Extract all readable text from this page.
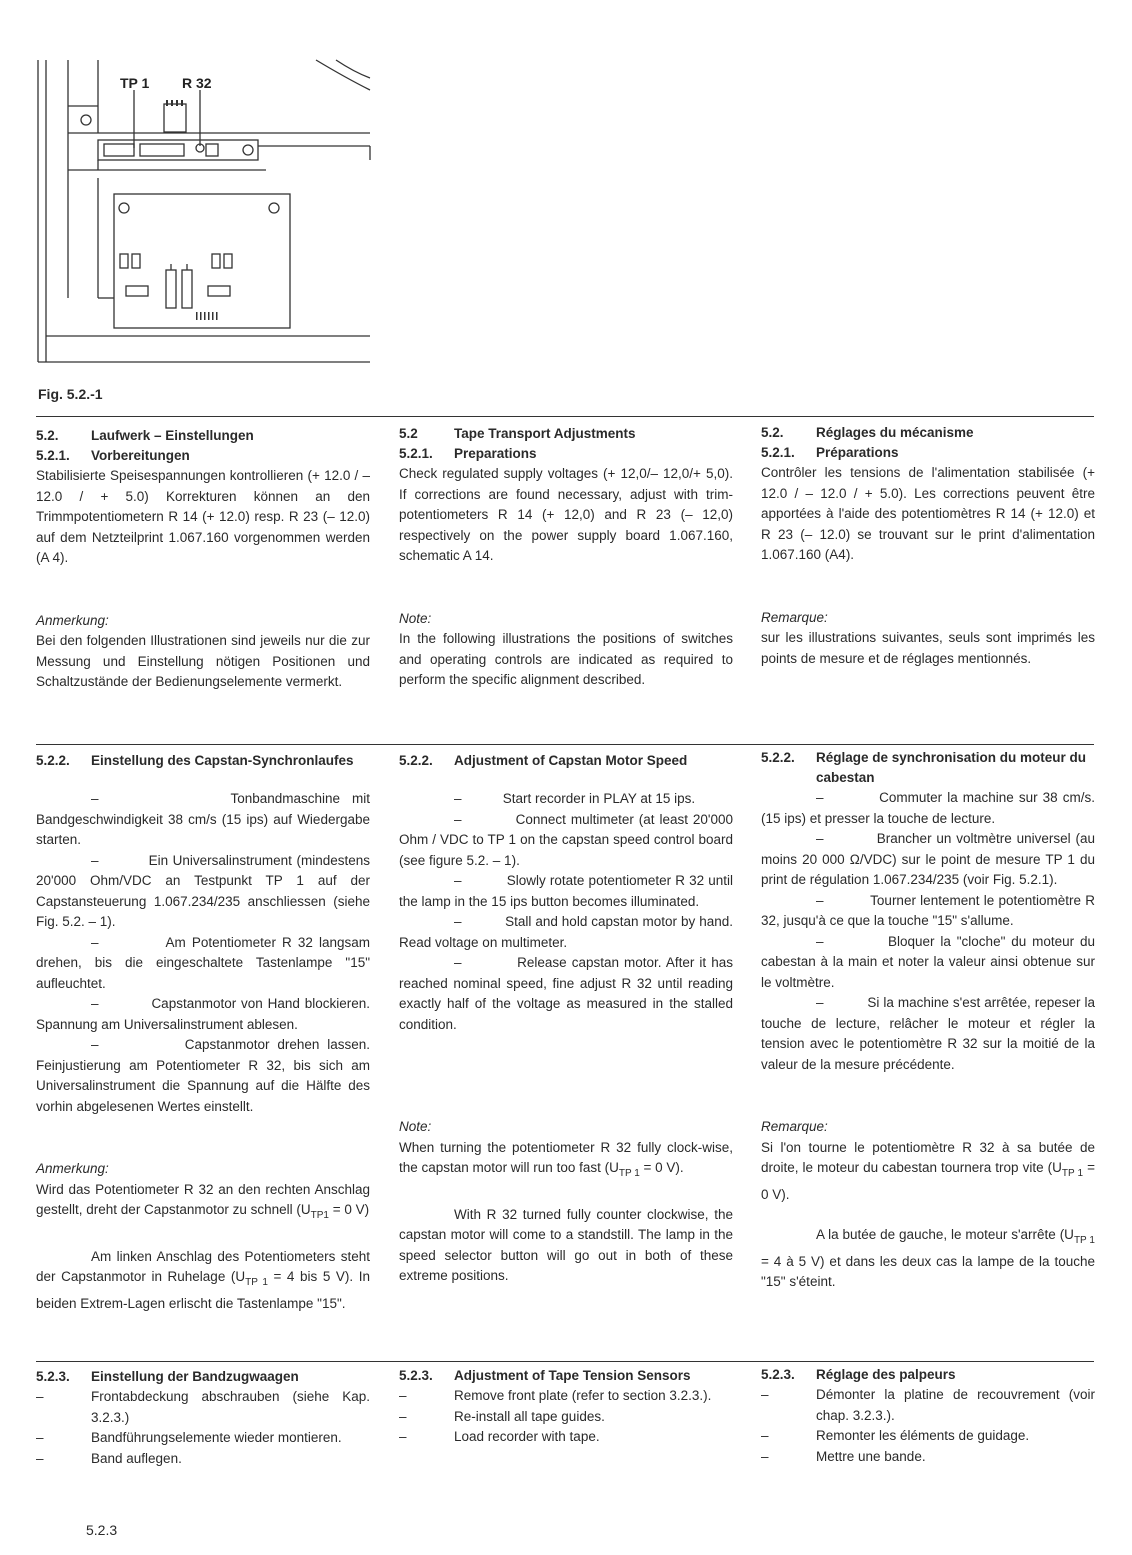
TP 1 R 32
Fig. 5.2.-1
5.2.	Laufwerk – Einstellungen
5.2.1.	Vorbereitungen
Stabilisierte Speisespannungen kontrollieren (+ 12.0 / – 12.0 / + 5.0) Korrekturen können an den Trimmpotentiometern R 14 (+ 12.0) resp. R 23 (– 12.0) auf dem Netzteilprint 1.067.160 vorgenommen werden (A 4).
Anmerkung:
Bei den folgenden Illustrationen sind jeweils nur die zur Messung und Einstellung nötigen Positionen und Schaltzustände der Bedienungselemente vermerkt.
5.2	Tape Transport Adjustments
5.2.1.	Preparations
Check regulated supply voltages (+ 12,0/– 12,0/+ 5,0). If corrections are found necessary, adjust with trim-potentiometers R 14 (+ 12,0) and R 23 (– 12,0) respectively on the power supply board 1.067.160, schematic A 14.
Note:
In the following illustrations the positions of switches and operating controls are indicated as required to perform the specific alignment described.
5.2.	Réglages du mécanisme
5.2.1.	Préparations
Contrôler les tensions de l'alimentation stabilisée (+ 12.0 / – 12.0 / + 5.0). Les corrections peuvent être apportées à l'aide des potentiomètres R 14 (+ 12.0) et R 23 (– 12.0) se trouvant sur le print d'alimentation 1.067.160 (A4).
Remarque:
sur les illustrations suivantes, seuls sont imprimés les points de mesure et de réglages mentionnés.
5.2.2.	Einstellung des Capstan-Synchronlaufes
–	Tonbandmaschine mit Bandgeschwindigkeit 38 cm/s (15 ips) auf Wiedergabe starten.
–	Ein Universalinstrument (mindestens 20'000 Ohm/VDC an Testpunkt TP 1 auf der Capstansteuerung 1.067.234/235 anschliessen (siehe Fig. 5.2. – 1).
–	Am Potentiometer R 32 langsam drehen, bis die eingeschaltete Tastenlampe "15" aufleuchtet.
–	Capstanmotor von Hand blockieren. Spannung am Universalinstrument ablesen.
–	Capstanmotor drehen lassen. Feinjustierung am Potentiometer R 32, bis sich am Universalinstrument die Spannung auf die Hälfte des vorhin abgelesenen Wertes einstellt.
Anmerkung:
Wird das Potentiometer R 32 an den rechten Anschlag gestellt, dreht der Capstanmotor zu schnell ($U_{TP1} = 0$ V)
Am linken Anschlag des Potentiometers steht der Capstanmotor in Ruhelage ($U_{TP 1} = 4$ bis 5 V). In beiden Extrem-Lagen erlischt die Tastenlampe "15".
5.2.2.	Adjustment of Capstan Motor Speed
–	Start recorder in PLAY at 15 ips.
–	Connect multimeter (at least 20'000 Ohm / VDC to TP 1 on the capstan speed control board (see figure 5.2. – 1).
–	Slowly rotate potentiometer R 32 until the lamp in the 15 ips button becomes illuminated.
–	Stall and hold capstan motor by hand. Read voltage on multimeter.
–	Release capstan motor. After it has reached nominal speed, fine adjust R 32 until reading exactly half of the voltage as measured in the stalled condition.
Note:
When turning the potentiometer R 32 fully clock-wise, the capstan motor will run too fast ($U_{TP 1} = 0$ V).
With R 32 turned fully counter clockwise, the capstan motor will come to a standstill. The lamp in the speed selector button will go out in both of these extreme positions.
5.2.2.	Réglage de synchronisation du moteur du cabestan
–	Commuter la machine sur 38 cm/s. (15 ips) et presser la touche de lecture.
–	Brancher un voltmètre universel (au moins 20 000 Ω/VDC) sur le point de mesure TP 1 du print de régulation 1.067.234/235 (voir Fig. 5.2.1).
–	Tourner lentement le potentiomètre R 32, jusqu'à ce que la touche "15" s'allume.
–	Bloquer la "cloche" du moteur du cabestan à la main et noter la valeur ainsi obtenue sur le voltmètre.
–	Si la machine s'est arrêtée, repeser la touche de lecture, relâcher le moteur et régler la tension avec le potentiomètre R 32 sur la moitié de la valeur de la mesure précédente.
Remarque:
Si l'on tourne le potentiomètre R 32 à sa butée de droite, le moteur du cabestan tournera trop vite ($U_{TP 1} = 0$ V).
A la butée de gauche, le moteur s'arrête ($U_{TP 1} = 4$ à 5 V) et dans les deux cas la lampe de la touche "15" s'éteint.
5.2.3.	Einstellung der Bandzugwaagen
–	Frontabdeckung abschrauben (siehe Kap. 3.2.3.)
–	Bandführungselemente wieder montieren.
–	Band auflegen.
5.2.3.	Adjustment of Tape Tension Sensors
–	Remove front plate (refer to section 3.2.3.).
–	Re-install all tape guides.
–	Load recorder with tape.
5.2.3.	Réglage des palpeurs
–	Démonter la platine de recouvrement (voir chap. 3.2.3.).
–	Remonter les éléments de guidage.
–	Mettre une bande.
5.2.3
